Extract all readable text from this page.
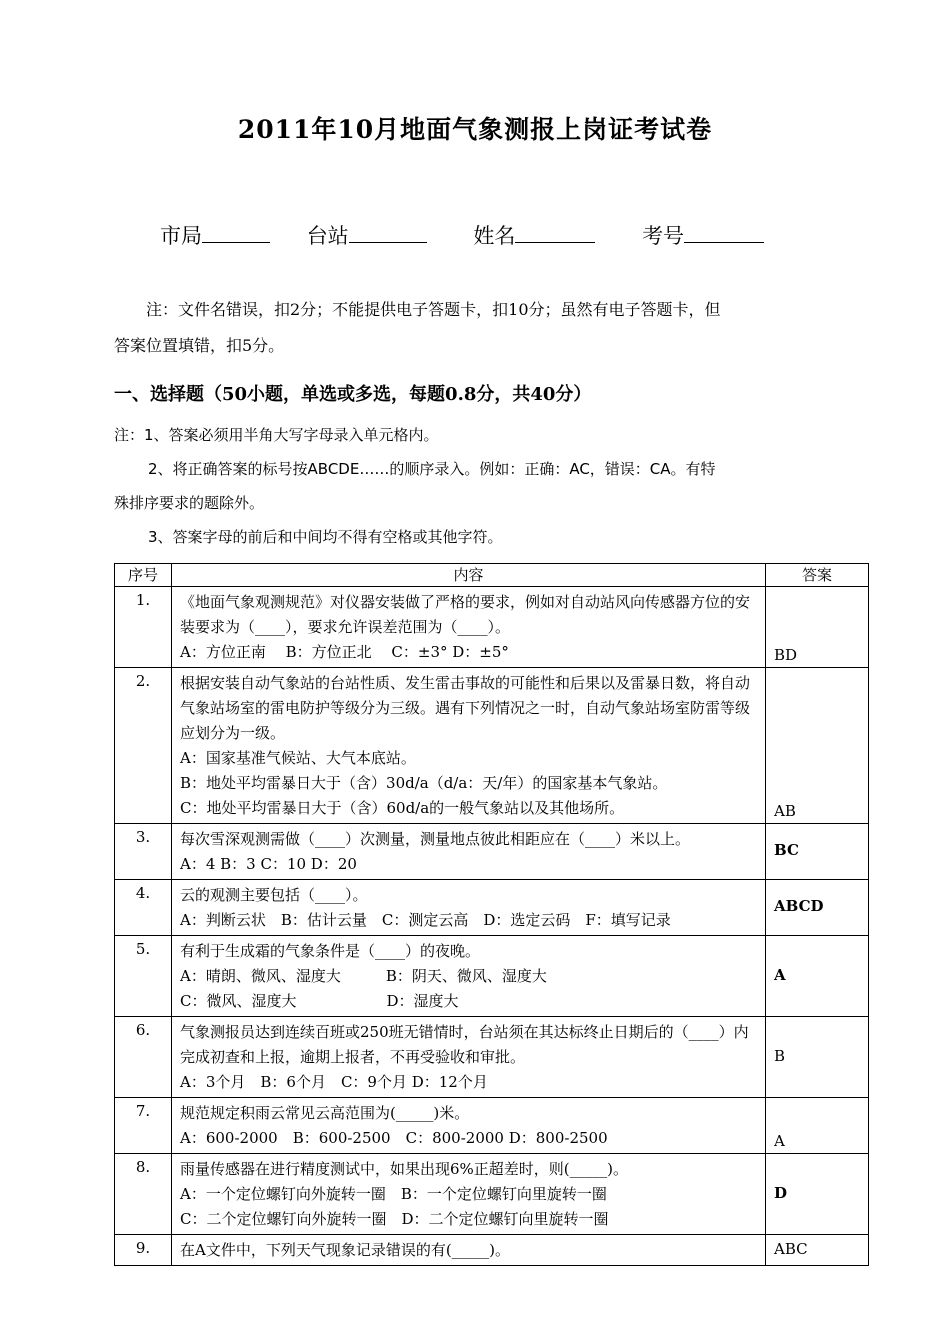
2011年10月地面气象测报上岗证考试卷
市局	台站	姓名	考号
注：文件名错误，扣2分；不能提供电子答题卡，扣10分；虽然有电子答题卡，但
答案位置填错，扣5分。
一、选择题（50小题，单选或多选，每题0.8分，共40分）
注：1、答案必须用半角大写字母录入单元格内。
2、将正确答案的标号按ABCDE……的顺序录入。例如：正确：AC，错误：CA。有特
殊排序要求的题除外。
3、答案字母的前后和中间均不得有空格或其他字符。
序号	内容	答案
1.	《地面气象观测规范》对仪器安装做了严格的要求，例如对自动站风向传感器方位的安装要求为（____），要求允许误差范围为（____）。
A：方位正南　 B：方位正北　 C：±3° D：±5°	BD
2.	根据安装自动气象站的台站性质、发生雷击事故的可能性和后果以及雷暴日数，将自动气象站场室的雷电防护等级分为三级。遇有下列情况之一时，自动气象站场室防雷等级应划分为一级。
A：国家基准气候站、大气本底站。
B：地处平均雷暴日大于（含）30d/a（d/a：天/年）的国家基本气象站。
C：地处平均雷暴日大于（含）60d/a的一般气象站以及其他场所。	AB
3.	每次雪深观测需做（____）次测量，测量地点彼此相距应在（____）米以上。
A：4 B：3 C：10 D：20	BC
4.	云的观测主要包括（____）。
A：判断云状　B：估计云量　C：测定云高　D：选定云码　F：填写记录	ABCD
5.	有利于生成霜的气象条件是（____）的夜晚。
A：晴朗、微风、湿度大　　　B：阴天、微风、湿度大
C：微风、湿度大　　　　　　D：湿度大	A
6.	气象测报员达到连续百班或250班无错情时，台站须在其达标终止日期后的（____）内完成初查和上报，逾期上报者，不再受验收和审批。
A：3个月　B：6个月　C：9个月 D：12个月	B
7.	规范规定积雨云常见云高范围为(_____)米。
A：600-2000　B：600-2500　C：800-2000 D：800-2500	A
8.	雨量传感器在进行精度测试中，如果出现6%正超差时，则(_____)。
A：一个定位螺钉向外旋转一圈　B：一个定位螺钉向里旋转一圈
C：二个定位螺钉向外旋转一圈　D：二个定位螺钉向里旋转一圈	D
9.	在A文件中，下列天气现象记录错误的有(_____)。	ABC
